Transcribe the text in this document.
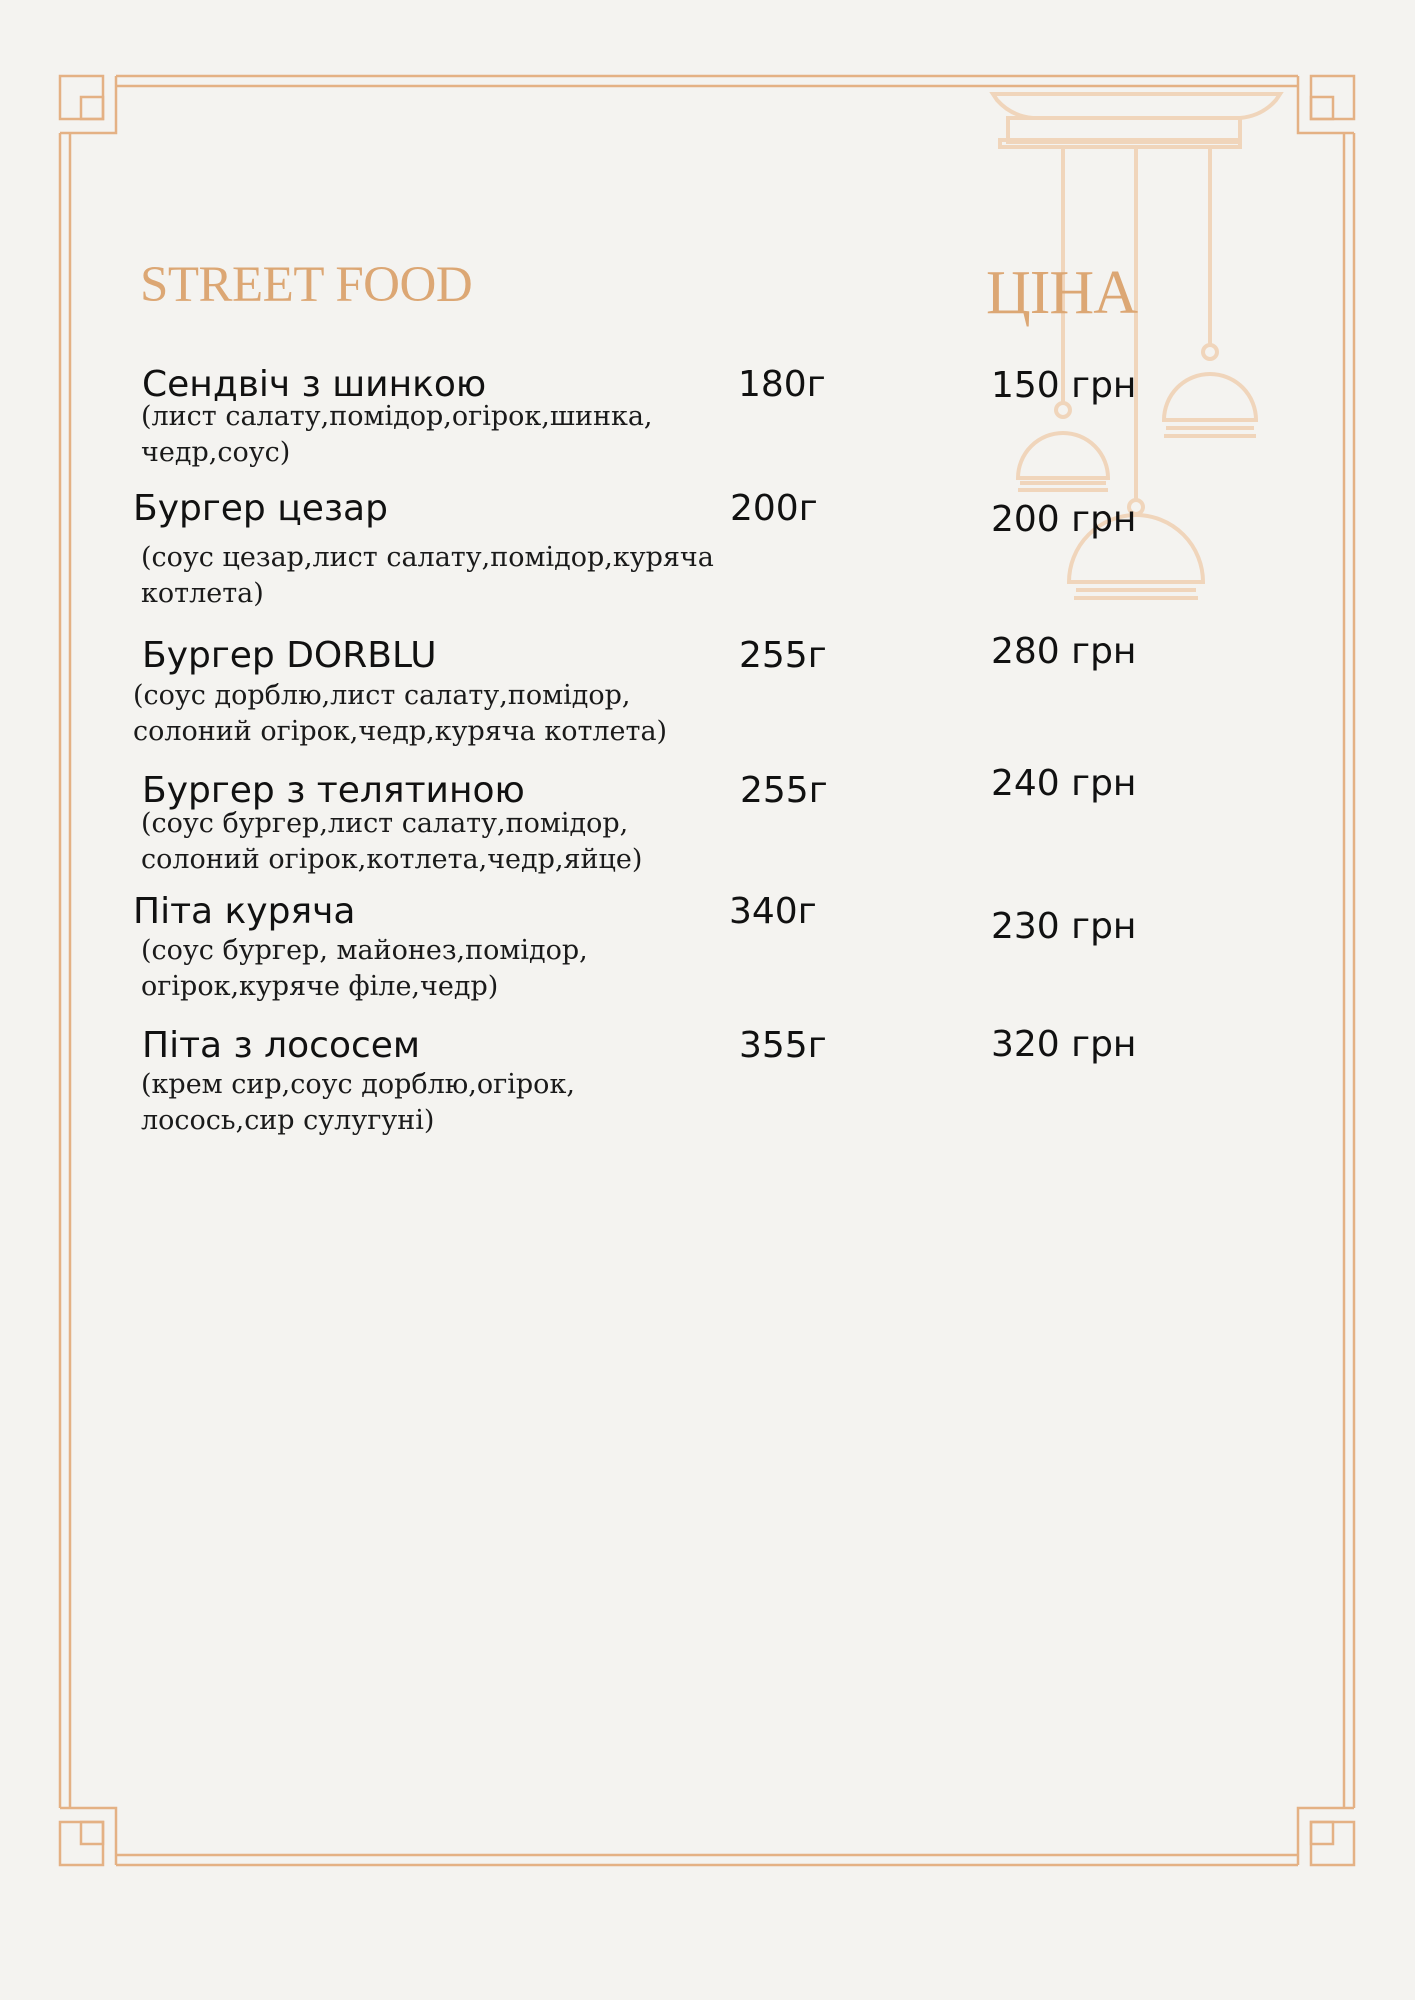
STREET FOOD	ЦІНА
Сендвіч з шинкою
(лист салату,помідор,огірок,шинка,
чедр,соус)
180г	150 грн
Бургер цезар
(соус цезар,лист салату,помідор,куряча
котлета)
200г	200 грн
Бургер DORBLU
(соус дорблю,лист салату,помідор,
солоний огірок,чедр,куряча котлета)
255г	280 грн
Бургер з телятиною
(соус бургер,лист салату,помідор,
солоний огірок,котлета,чедр,яйце)
255г	240 грн
Піта куряча
(соус бургер, майонез,помідор,
огірок,куряче філе,чедр)
340г	230 грн
Піта з лососем
(крем сир,соус дорблю,огірок,
лосось,сир сулугуні)
355г	320 грн
